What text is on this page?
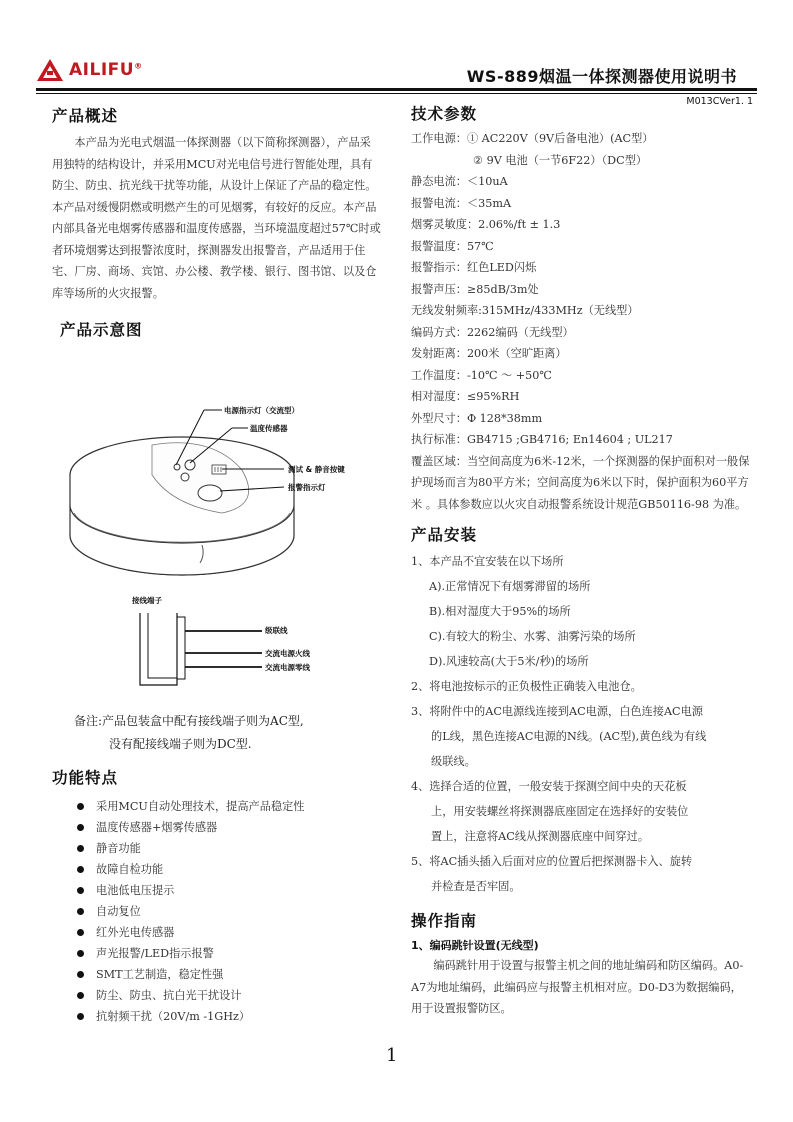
AILIFU®
WS-889烟温一体探测器使用说明书
M013CVer1. 1
产品概述
本产品为光电式烟温一体探测器（以下简称探测器），产品采用独特的结构设计，并采用MCU对光电信号进行智能处理，具有防尘、防虫、抗光线干扰等功能，从设计上保证了产品的稳定性。本产品对缓慢阴燃或明燃产生的可见烟雾，有较好的反应。本产品内部具备光电烟雾传感器和温度传感器，当环境温度超过57℃时或者环境烟雾达到报警浓度时，探测器发出报警音，产品适用于住宅、厂房、商场、宾馆、办公楼、教学楼、银行、图书馆、以及仓库等场所的火灾报警。
产品示意图
电源指示灯（交流型）
温度传感器
测试 & 静音按键
报警指示灯
接线端子
级联线
交流电源火线
交流电源零线
备注:产品包装盒中配有接线端子则为AC型,
没有配接线端子则为DC型.
功能特点
采用MCU自动处理技术，提高产品稳定性
温度传感器+烟雾传感器
静音功能
故障自检功能
电池低电压提示
自动复位
红外光电传感器
声光报警/LED指示报警
SMT工艺制造，稳定性强
防尘、防虫、抗白光干扰设计
抗射频干扰（20V/m -1GHz）
技术参数
工作电源：① AC220V（9V后备电池）(AC型）
② 9V 电池（一节6F22）（DC型）
静态电流：＜10uA
报警电流：＜35mA
烟雾灵敏度：2.06%/ft ± 1.3
报警温度：57℃
报警指示：红色LED闪烁
报警声压：≥85dB/3m处
无线发射频率:315MHz/433MHz（无线型）
编码方式：2262编码（无线型）
发射距离：200米（空旷距离）
工作温度：-10℃ ～ +50℃
相对湿度：≤95%RH
外型尺寸：Φ 128*38mm
执行标准：GB4715 ;GB4716; En14604 ; UL217
覆盖区域：当空间高度为6米-12米，一个探测器的保护面积对一般保护现场而言为80平方米；空间高度为6米以下时，保护面积为60平方米 。具体参数应以火灾自动报警系统设计规范GB50116-98 为准。
产品安装
1、本产品不宜安装在以下场所
A).正常情况下有烟雾滞留的场所
B).相对湿度大于95%的场所
C).有较大的粉尘、水雾、油雾污染的场所
D).风速较高(大于5米/秒)的场所
2、将电池按标示的正负极性正确装入电池仓。
3、将附件中的AC电源线连接到AC电源，白色连接AC电源
的L线，黑色连接AC电源的N线。(AC型),黄色线为有线
级联线。
4、选择合适的位置，一般安装于探测空间中央的天花板
上，用安装螺丝将探测器底座固定在选择好的安装位
置上，注意将AC线从探测器底座中间穿过。
5、将AC插头插入后面对应的位置后把探测器卡入、旋转
并检查是否牢固。
操作指南
1、编码跳针设置(无线型)
编码跳针用于设置与报警主机之间的地址编码和防区编码。A0-A7为地址编码，此编码应与报警主机相对应。D0-D3为数据编码，用于设置报警防区。
1
